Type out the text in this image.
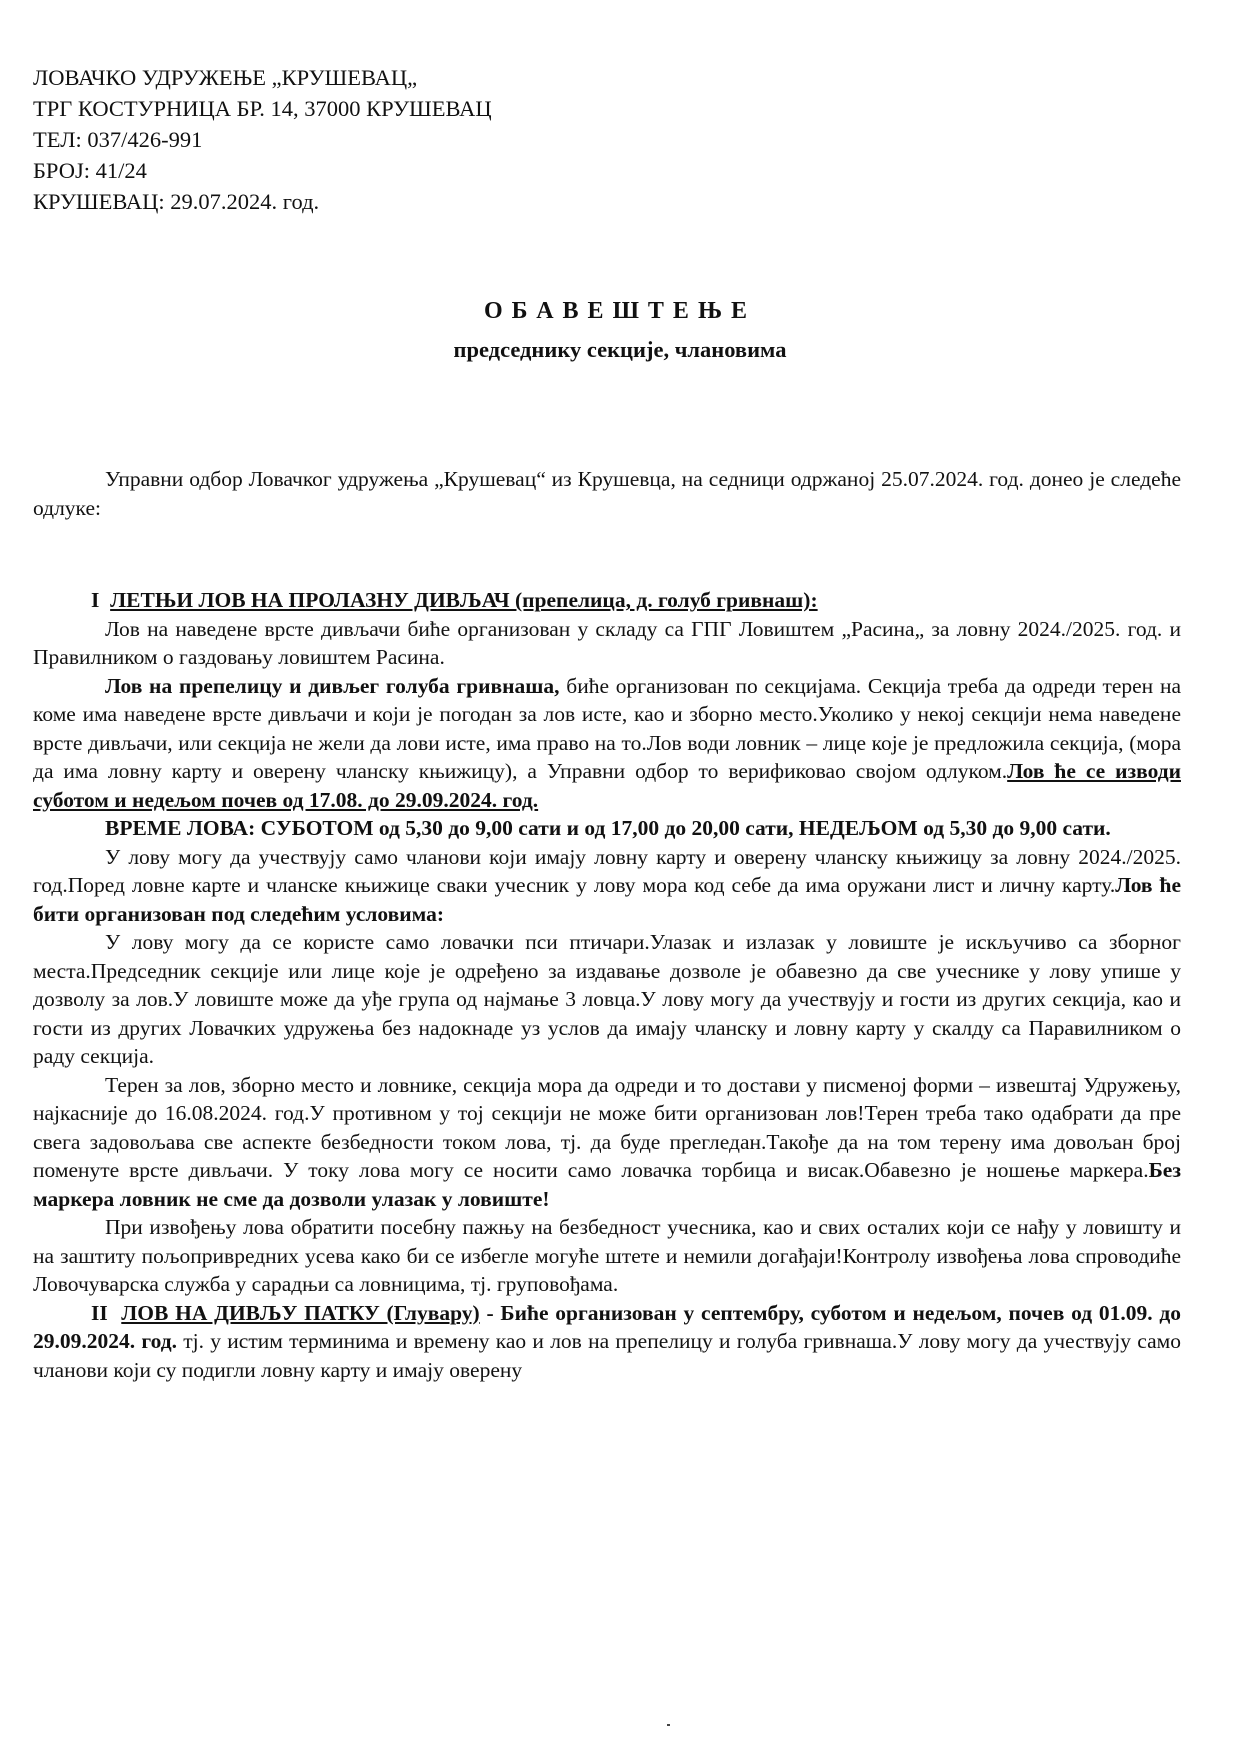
ЛОВАЧКО УДРУЖЕЊЕ „КРУШЕВАЦ„
ТРГ КОСТУРНИЦА БР. 14, 37000 КРУШЕВАЦ
ТЕЛ: 037/426-991
БРОЈ: 41/24
КРУШЕВАЦ: 29.07.2024. год.
ОБАВЕШТЕЊЕ
председнику секције, члановима

Управни одбор Ловачког удружења „Крушевац“ из Крушевца, на седници одржаној 25.07.2024. год. донео је следеће одлуке:

I ЛЕТЊИ ЛОВ НА ПРОЛАЗНУ ДИВЉАЧ (препелица, д. голуб гривнаш):

Лов на наведене врсте дивљачи биће организован у складу са ГПГ Ловиштем „Расина„ за ловну 2024./2025. год. и Правилником о газдовању ловиштем Расина.

Лов на препелицу и дивљег голуба гривнаша, биће организован по секцијама. Секција треба да одреди терен на коме има наведене врсте дивљачи и који је погодан за лов исте, као и зборно место.Уколико у некој секцији нема наведене врсте дивљачи, или секција не жели да лови исте, има право на то.Лов води ловник – лице које је предложила секција, (мора да има ловну карту и оверену чланску књижицу), а Управни одбор то верификовао својом одлуком.Лов ће се изводи суботом и недељом почев од 17.08. до 29.09.2024. год.

ВРЕМЕ ЛОВА: СУБОТОМ од 5,30 до 9,00 сати и од 17,00 до 20,00 сати, НЕДЕЉОМ од 5,30 до 9,00 сати.

У лову могу да учествују само чланови који имају ловну карту и оверену чланску књижицу за ловну 2024./2025. год.Поред ловне карте и чланске књижице сваки учесник у лову мора код себе да има оружани лист и личну карту.Лов ће бити организован под следећим условима:

У лову могу да се користе само ловачки пси птичари.Улазак и излазак у ловиште је искључиво са зборног места.Председник секције или лице које је одређено за издавање дозволе је обавезно да све учеснике у лову упише у дозволу за лов.У ловиште може да уђе група од најмање 3 ловца.У лову могу да учествују и гости из других секција, као и гости из других Ловачких удружења без надокнаде уз услов да имају чланску и ловну карту у скалду са Паравилником о раду секција.

Терен за лов, зборно место и ловнике, секција мора да одреди и то достави у писменој форми – извештај Удружењу, најкасније до 16.08.2024. год.У противном у тој секцији не може бити организован лов!Терен треба тако одабрати да пре свега задовољава све аспекте безбедности током лова, тј. да буде прегледан.Такође да на том терену има довољан број поменуте врсте дивљачи. У току лова могу се носити само ловачка торбица и висак.Обавезно је ношење маркера.Без маркера ловник не сме да дозволи улазак у ловиште!

При извођењу лова обратити посебну пажњу на безбедност учесника, као и свих осталих који се нађу у ловишту и на заштиту пољопривредних усева како би се избегле могуће штете и немили догађаји!Контролу извођења лова спроводиће Ловочуварска служба у сарадњи са ловницима, тј. груповођама.

II ЛОВ НА ДИВЉУ ПАТКУ (Глувару) - Биће организован у септембру, суботом и недељом, почев од 01.09. до 29.09.2024. год. тј. у истим терминима и времену као и лов на препелицу и голуба гривнаша.У лову могу да учествују само чланови који су подигли ловну карту и имају оверену
